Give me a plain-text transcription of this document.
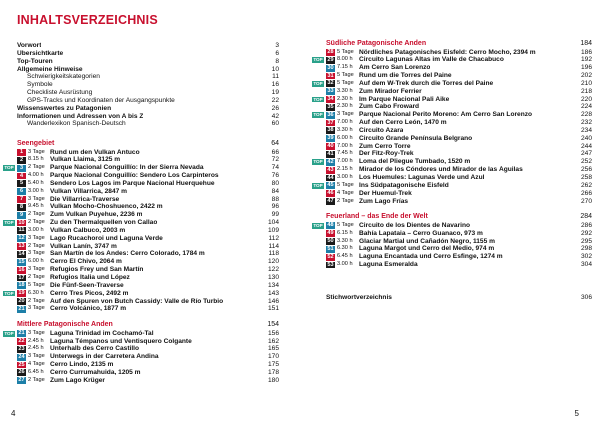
INHALTSVERZEICHNIS
Vorwort	3
Übersichtkarte	6
Top-Touren	8
Allgemeine Hinweise	10
Schwierigkeitskategorien	11
Symbole	16
Checkliste Ausrüstung	19
GPS-Tracks und Koordinaten der Ausgangspunkte	22
Wissenswertes zu Patagonien	26
Informationen und Adressen von A bis Z	42
Wanderlexikon Spanisch-Deutsch	60
Seengebiet	64
1 3 Tage Rund um den Vulkan Antuco	66
2 8.15 h Vulkan Llaima, 3125 m	72
TOP	3 2 Tage Parque Nacional Conguillío: In der Sierra Nevada	74
4 4.00 h Parque Nacional Conguillío: Sendero Los Carpinteros	76
5 5.40 h Sendero Los Lagos im Parque Nacional Huerquehue	80
6 3.00 h Vulkan Villarrica, 2847 m	84
7 3 Tage Die Villarrica-Traverse	88
8 9.45 h Vulkan Mocho-Choshuenco, 2422 m	96
9 2 Tage Zum Vulkan Puyehue, 2236 m	99
TOP 10 2 Tage Zu den Thermalquellen von Callao	104
11 3.00 h Vulkan Calbuco, 2003 m	109
12 3 Tage Lago Rucachoroi und Laguna Verde	112
13 2 Tage Vulkan Lanín, 3747 m	114
14 3 Tage San Martín de los Andes: Cerro Colorado, 1784 m	118
15 6.00 h Cerro El Chivo, 2064 m	120
16 3 Tage Refugios Frey und San Martín	122
17 2 Tage Refugios Italia und López	130
18 5 Tage Die Fünf-Seen-Traverse	134
TOP 19 6.30 h Cerro Tres Picos, 2492 m	143
20 2 Tage Auf den Spuren von Butch Cassidy: Valle de Río Turbio	146
21 3 Tage Cerro Volcánico, 1877 m	151
Mittlere Patagonische Anden	154
TOP 21 3 Tage Laguna Trinidad im Cochamó-Tal	156
22 2.45 h Laguna Témpanos und Ventisquero Colgante	162
23 2.45 h Unterhalb des Cerro Castillo	165
24 3 Tage Unterwegs in der Carretera Andina	170
25 4 Tage Cerro Lindo, 2135 m	175
26 6.45 h Cerro Currumahuida, 1205 m	178
27 2 Tage Zum Lago Krüger	180
4
Südliche Patagonische Anden	184
28 5 Tage Nördliches Patagonisches Eisfeld: Cerro Mocho, 2394 m	186
TOP 29 8.00 h Circuito Lagunas Altas im Valle de Chacabuco	192
30 7.15 h Am Cerro San Lorenzo	196
31 5 Tage Rund um die Torres del Paine	202
TOP 32 5 Tage Auf dem W-Trek durch die Torres del Paine	210
33 3.30 h Zum Mirador Ferrier	218
TOP 34 2.30 h Im Parque Nacional Pali Aike	220
35 2.30 h Zum Cabo Froward	224
TOP 36 3 Tage Parque Nacional Perito Moreno: Am Cerro San Lorenzo	228
37 7.00 h Auf den Cerro León, 1470 m	232
38 3.30 h Circuito Azara	234
39 6.00 h Circuito Grande Península Belgrano	240
40 7.00 h Zum Cerro Torre	244
41 7.45 h Der Fitz-Roy-Trek	247
TOP 42 7.00 h Loma del Pliegue Tumbado, 1520 m	252
43 2.15 h Mirador de los Cóndores und Mirador de las Águilas	256
44 3.00 h Los Huemules: Lagunas Verde und Azul	258
TOP 45 5 Tage Ins Südpatagonische Eisfeld	262
46 4 Tage Der Huemul-Trek	266
47 2 Tage Zum Lago Frías	270
Feuerland – das Ende der Welt	284
TOP 48 5 Tage Circuito de los Dientes de Navarino	286
49 6.15 h Bahía Lapataia – Cerro Guanaco, 973 m	292
50 3.30 h Glaciar Martial und Cañadón Negro, 1155 m	295
51 6.30 h Laguna Margot und Cerro del Medio, 974 m	298
52 6.45 h Laguna Encantada und Cerro Esfinge, 1274 m	302
53 3.00 h Laguna Esmeralda	304
Stichwortverzeichnis	306
5
